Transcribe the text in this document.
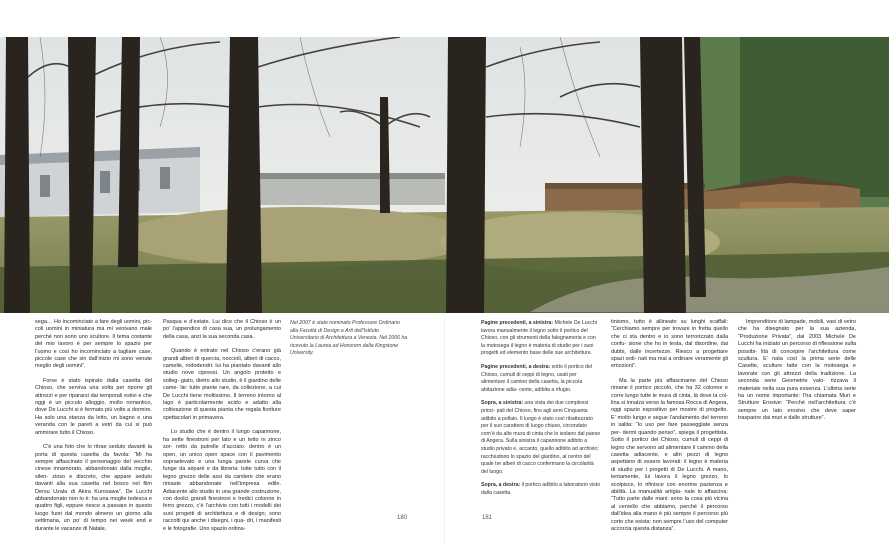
sega… Ho incominciato a fare degli uomini, pic- coli uomini in miniatura ma mi venivano male perché non sono uno scultore. Il tema costante del mio lavoro è per sempre lo spazio per l’uomo e così ho incominciato a tagliare case, piccole case che sin dall’inizio mi sono venute meglio degli uomini”.

Forse è stato ispirato dalla casetta del Chioso, che serviva una volta per riporre gli attrezzi e per ripararsi dai temporali estivi e che oggi è un piccolo alloggio, molto romantico, dove De Lucchi si è fermato più volte a dormire. Ha solo una stanza da letto, un bagno e una veranda con le pareti a vetri da cui si può ammirare tutto il Chioso.

C’è una foto che lo ritrae seduto davanti la porta di questa casetta da favola: “Mi ha sempre affascinato il personaggio del vecchio cinese innamorato, abbandonato dalla moglie, silen- zioso e discreto, che appare seduto davanti alla sua casetta nel bosco nel film Dersu Uzala di Akira Kurosawa”. De Lucchi abbandonato non lo è: ha una moglie tedesca e quattro figli, eppure riesce a passare in questo luogo fuori dal mondo almeno un giorno alla settimana, un po’ di tempo nei week end e durante le vacanze di Natale,

Pasqua e d’estate. Lui dice che il Chioso è un po’ l’appendice di casa sua, un prolungamento della casa, anzi la sua seconda casa.

Quando è entrato nel Chioso c’erano già grandi alberi di quercia, noccioli, alberi di cacco, camelie, rododendri: lui ha piantato davanti allo studio nove cipressi. Un angolo protetto e solleg- giato, dietro allo studio, è il giardino delle came- lie: tutte piante rare, da collezione, a cui De Lucchi tiene moltissimo. Il terreno intorno al lago è particolarmente acido e adatto alla coltivazione di questa pianta che regala fioriture spettacolari in primavera.

Lo studio che è dentro il lungo capannone, ha sette finestroni per lato e un tetto in zinco sor- retto da putrelle d’acciaio: dentro è un open, un unico open space con il pavimento sopraelevato e una lunga parete curva che funge da séparé e da libreria: tutte tutto con il legno grezzo delle assi da cantiere che erano rimaste abbandonate nell’impresa edile. Adiacente allo studio in una grande costruzione, con doolci grandi finestroni e tredici colonne in ferro grezzo, c’è l’archivio con tutti i modelli dei suoi progetti di architettura e di design; sono raccolti qui anche i disegni, i qua- dri, i manifesti e le fotografie. Uno spazio ordina-

Nel 2007 è stato nominato Professore Ordinario alla Facoltà di Design e Arti dell’Istituto Universitario di Architettura a Venezia. Nel 2006 ha ricevuto la Laurea ad Honorem dalla Kingstone University.
180

Pagine precedenti, a sinistra: Michele De Lucchi lavora manualmente il legno sotto il portico del Chioso, con gli strumenti della falegnameria e con la motosega il legno è materia di studio per i suoi progetti ed elemento base delle sue architetture.

Pagine precedenti, a destra: sotto il portico del Chioso, cumuli di ceppi di legno, usati per alimentare il camino della casetta, la piccola abitazione adia- cente, adibita a rifugio.

Sopra, a sinistra: una vista dei due complessi princi- pali del Chioso, fino agli anni Cinquanta adibito a pollaio. Il luogo è stato così ribattezzato per il suo carattere di luogo chiuso, circondato com’è da alte mura di cinta che lo isolano dal paese di Angera. Sulla sinistra il capannone adibito a studio privato e, accanto, quello adibito ad archivio; racchiudono lo spazio del giardino, al centro del quale tre alberi di cacco confermano la circolarità del luogo.

Sopra, a destra: il portico adibito a laboratorio visto dalla casetta.

tinismo, tutto è allineato su lunghi scaffali: “Cerchiamo sempre per trovare in fretta quello che ci sta dentro e io sono terrorizzato dalla confu- sione che ho in testa, dal disordine, dai dubbi, dalle incertezze. Riesco a progettare spazi ordi- nati ma mai a ordinare veramente gli emozioni”.

Ma la parte più affascinante del Chioso rimane il portico piccolo, che ha 32 colonne e corre lungo tutte le mura di cinta, là dove la col- lina si innalza verso la famosa Rocca di Angera, oggi spazio espositivo per mostre di progetto. E’ molto lungo e segue l’andamento del terreno in salita: “Io uso per fare passeggiate senza per- dermi quando penso”, spiega il progettista. Sotto il portico del Chioso, cumuli di ceppi di legno che servono ad alimentare il camino della casetta adiacente, e altri pezzi di legno aspettano di essere lavorati: il legno è materia di studio per i progetti di De Lucchi. A mano, lentamente, lui lavora il legno grezzo, lo scolpisce, lo rifinisce con enorme pazienza e abilità. La manualità artigia- nale lo affascina: “Tutto parte dalle mani: sono la cosa più vicina al cervello che abbiamo, perché il percorso dall’idea alla mano è più sempre il percorso più corto che esista: non sempre l’uso del computer accorcia questa distanza”.

Imprenditore di lampade, mobili, vasi di vetro che ha disegnato per la sua azienda, “Produzione Privata”, dal 2003 Michele De Lucchi ha iniziato un percorso di riflessione sulla possibi- lità di concepire l’architettura come scultura. E’ nata così la prima serie delle Casette, sculture fatte con la motosega e lavorate con gli attrezzi della tradizione. La seconda serie Geometrie valo- rizzava il materiale nella sua pura essenza. L’ultima serie ha un nome importante: l’ha chiamata Muri e Strutture Erosive: “Perché nell’architettura c’è sempre un lato erosivo che deve saper trasparire dai muri e dalle strutture”.

181
